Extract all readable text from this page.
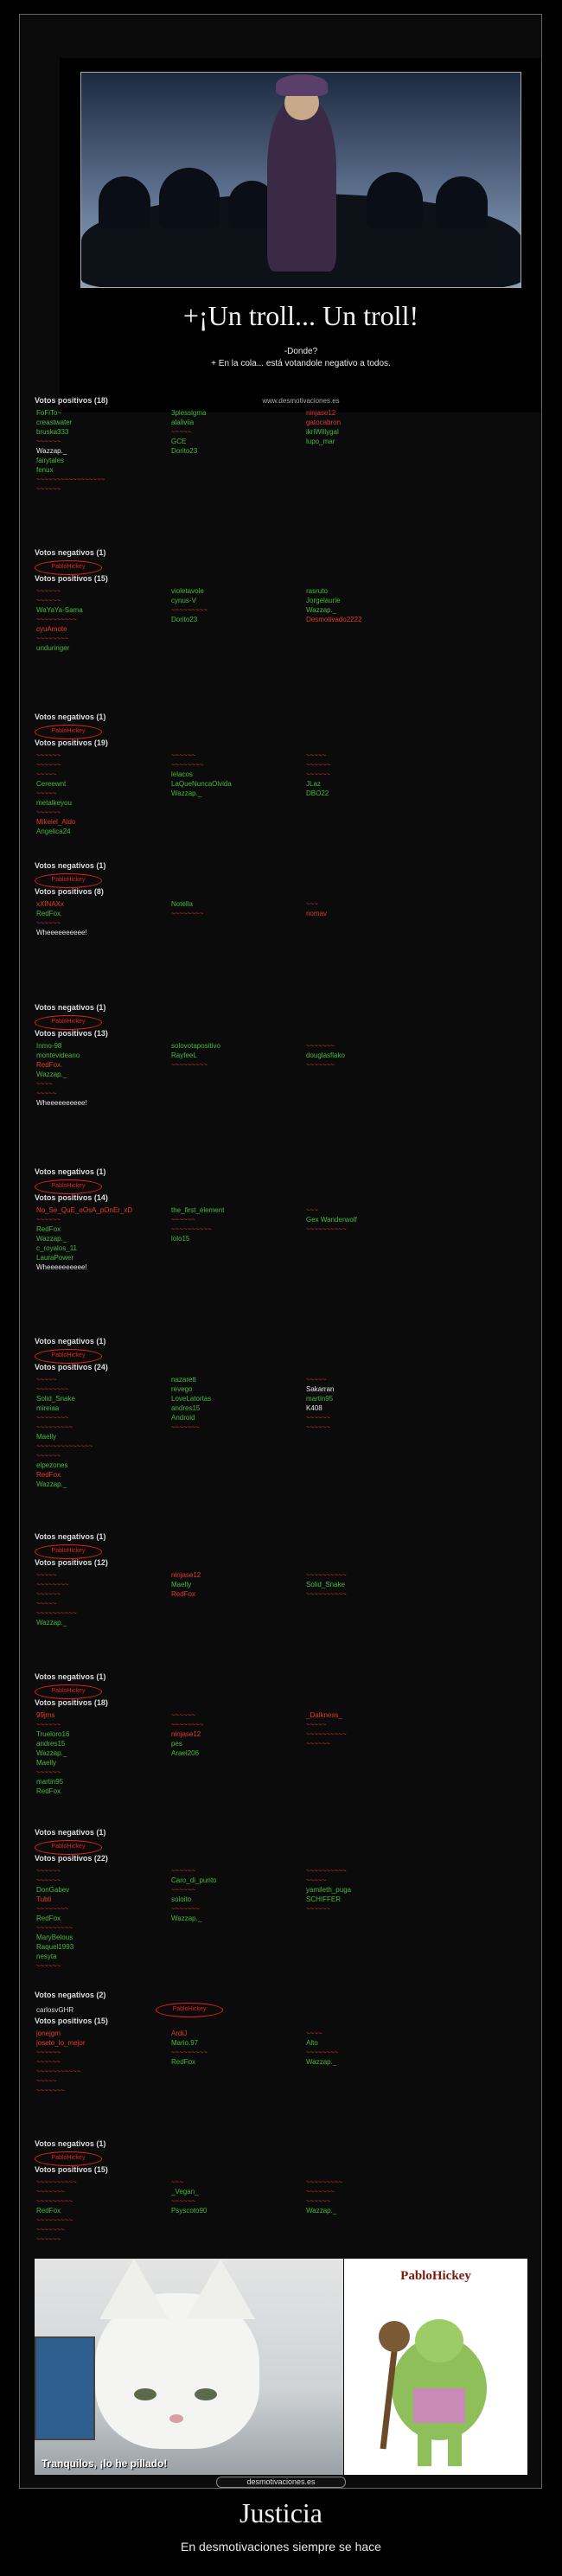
+¡Un troll... Un troll!
-Donde?
+ En la cola... está votandole negativo a todos.
www.desmotivaciones.es
Votos positivos (18)
FoFiTo~
creastwater
bruska333
~~~~~~
Wazzap._
3plesslgma
alaliviia
~~~~~
GCE
Dorito23
ninjase12
gatocabron
ikriWillygal
lupo_mar
fairytales
fenux
~~~~~~~~~~~~~~~~~
~~~~~~
Votos negativos (1)
PabloHickey
Votos positivos (15)
~~~~~~
~~~~~~
WaYaYa-Sama
~~~~~~~~~~
violetavole
cynus-V
~~~~~~~~~
Dorito23
rasruto
Jorgelaurie
Wazzap._
Desmotivado2222
cyuAmote
~~~~~~~~
unduringer
Votos negativos (1)
PabloHickey
Votos positivos (19)
~~~~~~
~~~~~~
~~~~~
Cereewnt
~~~~~
~~~~~~
~~~~~~~~
lelacos
LaQueNuncaOlvida
Wazzap._
~~~~~
~~~~~~
~~~~~~
JLaz
DBO22
metalkeyou
~~~~~~
Mikeiel_Aldo
Angelica24
Votos negativos (1)
PabloHickey
Votos positivos (8)
xXINAXx
RedFox
Notella
~~~~~~~~
~~~
nomav
~~~~~~
Wheeeeeeeeee!
Votos negativos (1)
PabloHickey
Votos positivos (13)
Inmo-98
montevideano
RedFox
Wazzap._
solovotapositivo
RayfeeL
~~~~~~~~~
~~~~~~~
douglasflako
~~~~~~~
~~~~
~~~~~
Wheeeeeeeeee!
Votos negativos (1)
PabloHickey
Votos positivos (14)
No_Se_QuE_oOsA_pOnEr_xD
~~~~~~
RedFox
Wazzap._
the_first_element
~~~~~~
~~~~~~~~~~
lolo15
~~~
Gex Wanderwolf
~~~~~~~~~~
c_royalos_11
LauraPower
Wheeeeeeeeee!
Votos negativos (1)
PabloHickey
Votos positivos (24)
~~~~~
~~~~~~~~
Solid_Snake
mireiaa
~~~~~~~~
~~~~~~~~~
nazarett
revego
LoveLatortas
andres15
Android
~~~~~~~
~~~~~
Sakarran
martin95
K408
~~~~~~
~~~~~~
Maelly
~~~~~~~~~~~~~~
~~~~~~
elpezones
RedFox
Wazzap._
Votos negativos (1)
PabloHickey
Votos positivos (12)
~~~~~
~~~~~~~~
~~~~~~
ninjase12
Maelly
RedFox
~~~~~~~~~~
Solid_Snake
~~~~~~~~~~
~~~~~
~~~~~~~~~~
Wazzap._
Votos negativos (1)
PabloHickey
Votos positivos (18)
99jms
~~~~~~
Trueloro16
andres15
Wazzap._
~~~~~~
~~~~~~~~
ninjase12
pes
Arael206
_Dalkness_
~~~~~
~~~~~~~~~~
~~~~~~
Maelly
~~~~~~
martin95
RedFox
Votos negativos (1)
PabloHickey
Votos positivos (22)
~~~~~~
~~~~~~
DonGabev
Tubti
~~~~~~~~
RedFox
~~~~~~
Caro_di_punto
~~~~~~
soloito
~~~~~~~
Wazzap._
~~~~~~~~~~
~~~~~
yamileth_puga
SCHIFFER
~~~~~~
~~~~~~~~~
MaryBelous
Raquel1993
nesyta
~~~~~~
Votos negativos (2)
carlosvGHR	PabloHickey
Votos positivos (15)
jonejgm
josete_lo_mejor
~~~~~~
~~~~~~
ArdiJ
Mario.97
~~~~~~~~~
RedFox
~~~~
Alto
~~~~~~~~
Wazzap._
~~~~~~~~~~~
~~~~~
~~~~~~~
Votos negativos (1)
PabloHickey
Votos positivos (15)
~~~~~~~~~~
~~~~~~~
~~~~~~~~~
RedFox
~~~
_Vegan_
~~~~~~
Psyscoto90
~~~~~~~~~
~~~~~~~
~~~~~~
Wazzap._
~~~~~~~~~
~~~~~~~
~~~~~~
Tranquilos, ¡lo he pillado!
PabloHickey
desmotivaciones.es
Justicia
En desmotivaciones siempre se hace
